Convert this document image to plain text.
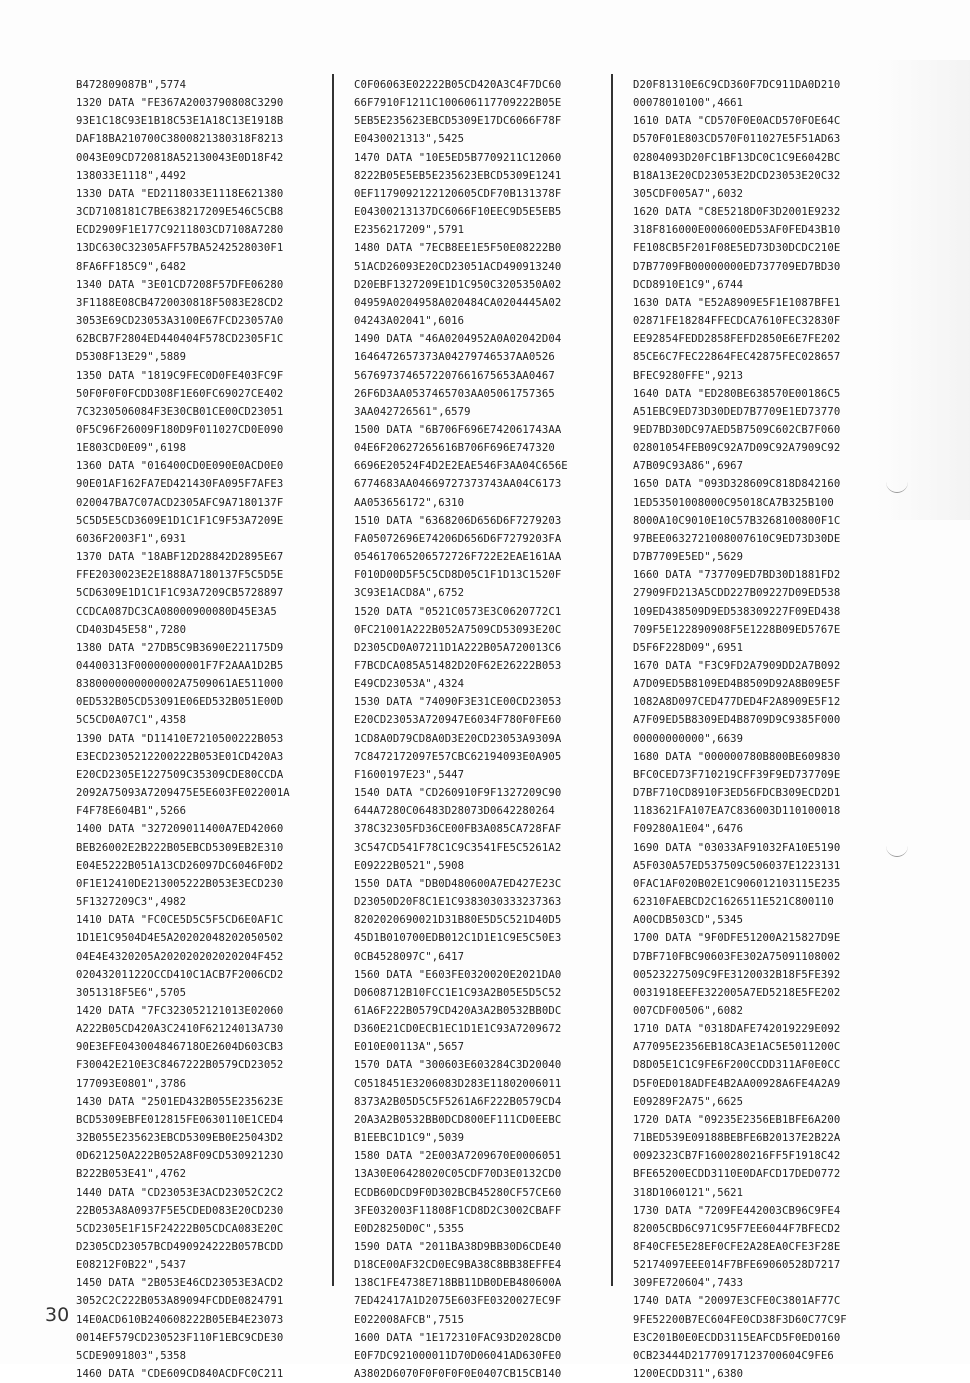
B472809087B",5774
1320 DATA "FE367A2003790808C3290
93E1C18C93E1B18C53E1A18C13E1918B
DAF18BA210700C3800821380318F8213
0043E09CD720818A52130043E0D18F42
138033E1118",4492
1330 DATA "ED2118033E1118E621380
3CD7108181C7BE638217209E546C5CB8
ECD2909F1E177C9211803CD7108A7280
13DC630C32305AFF57BA5242528030F1
8FA6FF185C9",6482
1340 DATA "3E01CD7208F57DFE06280
3F1188E08CB4720030818F5083E28CD2
3053E69CD23053A3100E67FCD23057A0
62BCB7F2804ED440404F578CD2305F1C
D5308F13E29",5889
1350 DATA "1819C9FEC0D0FE403FC9F
50F0F0F0FCDD308F1E60FC69027CE402
7C3230506084F3E30CB01CE00CD23051
0F5C96F26009F180D9F011027CD0E090
1E803CD0E09",6198
1360 DATA "016400CD0E090E0ACD0E0
90E01AF162FA7ED421430FA095F7AFE3
020047BA7C07ACD2305AFC9A7180137F
5C5D5E5CD3609E1D1C1F1C9F53A7209E
6036F2003F1",6931
1370 DATA "18ABF12D28842D2895E67
FFE2030023E2E1888A7180137F5C5D5E
5CD6309E1D1C1F1C93A7209CB5728897
CCDCA087DC3CA08000900080D45E3A5
CD403D45E58",7280
1380 DATA "27DB5C9B3690E221175D9
04400313F00000000001F7F2AAA1D2B5
8380000000000002A7509061AE511000
0ED532B05CD53091E06ED532B051E00D
5C5CD0A07C1",4358
1390 DATA "D11410E7210500222B053
E3ECD2305212200222B053E01CD420A3
E20CD2305E1227509C35309CDE80CCDA
2092A75093A7209475E5E603FE022001A
F4F78E604B1",5266
1400 DATA "327209011400A7ED42060
BEB26002E2B222B05EBCD5309EB2E310
E04E5222B051A13CD26097DC6046F0D2
0F1E12410DE213005222B053E3ECD230
5F1327209C3",4982
1410 DATA "FC0CE5D5C5F5CD6E0AF1C
1D1E1C9504D4E5A20202048202050502
04E4E4320205A202020202020204F452
02043201122OCCD410C1ACB7F2006CD2
3051318F5E6",5705
1420 DATA "7FC323052121013E02060
A222B05CD420A3C2410F62124013A730
90E3EFE043004846718OE2604D603CB3
F30042E210E3C8467222B0579CD23052
177093E0801",3786
1430 DATA "2501ED432B055E235623E
BCD5309EBFE012815FE0630110E1CED4
32B055E235623EBCD5309EB0E25043D2
0D621250A222B052A8F09CD53092123O
B222B053E41",4762
1440 DATA "CD23053E3ACD23052C2C2
22B053A8A0937F5E5CDED083E20CD230
5CD2305E1F15F24222B05CDCA083E20C
D2305CD23057BCD490924222B057BCDD
E08212F0B22",5437
1450 DATA "2B053E46CD23053E3ACD2
3052C2C222B053A89094FCDDE0824791
14E0ACD610B240608222B05EB4E23073
0014EF579CD230523F110F1EBC9CDE30
5CDE9091803",5358
1460 DATA "CDE609CD840ACDFC0C211
C0F06063E02222B05CD420A3C4F7DC60
66F7910F1211C100606117709222B05E
5EB5E235623EBCD5309E17DC6066F78F
E0430021313",5425
1470 DATA "10E5ED5B7709211C12060
8222B05E5EB5E235623EBCD5309E1241
0EF1179092122120605CDF70B131378F
E04300213137DC6066F10EEC9D5E5EB5
E2356217209",5791
1480 DATA "7ECB8EE1E5F50E08222B0
51ACD26093E20CD23051ACD490913240
D20EBF1327209E1D1C950C3205350A02
04959A0204958A020484CA0204445A02
04243A02041",6016
1490 DATA "46A0204952A0A02042D04
1646472657373A04279746537AA0526
5676973746572207661675653AA0467
26F6D3AA0537465703AA05061757365
3AA042726561",6579
1500 DATA "6B706F696E742061743AA
04E6F20627265616B706F696E747320
6696E20524F4D2E2EAE546F3AA04C656E
6774683AA04669727373743AA04C6173
AA053656172",6310
1510 DATA "6368206D656D6F7279203
FA05072696E74206D656D6F7279203FA
054617065206572726F722E2EAE161AA
F010D00D5F5C5CD8D05C1F1D13C1520F
3C93E1ACD8A",6752
1520 DATA "0521C0573E3C0620772C1
0FC21001A222B052A7509CD53093E20C
D2305CD0A07211D1A222B05A720013C6
F7BCDCA085A51482D20F62E26222B053
E49CD23053A",4324
1530 DATA "74090F3E31CE00CD23053
E20CD23053A720947E6034F780F0FE60
1CD8A0D79CD8A0D3E20CD23053A9309A
7C8472172097E57CBC62194093E0A905
F1600197E23",5447
1540 DATA "CD260910F9F1327209C90
644A7280C06483D28073D0642280264
378C32305FD36CE00FB3A085CA728FAF
3C547CD541F78C1C9C3541FE5C5261A2
E09222B0521",5908
1550 DATA "DB0D480600A7ED427E23C
D23050D20F8C1E1C9383030333237363
8202020690021D31B80E5D5C521D40D5
45D1B010700EDB012C1D1E1C9E5C50E3
0CB4528097C",6417
1560 DATA "E603FE0320020E2021DA0
D0608712B10FCC1E1C93A2B05E5D5C52
61A6F222B0579CD420A3A2B0532BB0DC
D360E21CD0ECB1EC1D1E1C93A7209672
E010E00113A",5657
1570 DATA "300603E603284C3D20040
C0518451E3206083D283E11802006011
8373A2B05D5C5F5261A6F222B0579CD4
20A3A2B0532BB0DCD800EF111CD0EEBC
B1EEBC1D1C9",5039
1580 DATA "2E003A7209670E0006051
13A30E06428020C05CDF70D3E0132CD0
ECDB60DCD9F0D302BCB45280CF57CE60
3FE032003F11808F1CD8D2C3002CBAFF
E0D28250D0C",5355
1590 DATA "2011BA38D9BB30D6CDE40
D18CE00AF32CD0EC9BA38C8BB38EFFE4
138C1FE4738E718BB11DB0DEB480600A
7ED42417A1D2075E603FE0320027EC9F
E022008AFCB",7515
1600 DATA "1E172310FAC93D2028CD0
E0F7DC921000011D70D06041AD630FE0
A3802D6070F0F0F0F0E0407CB15CB140
D20F81310E6C9CD360F7DC911DA0D210
00078010100",4661
1610 DATA "CD570F0E0ACD570FOE64C
D570F01E803CD570F011027E5F51AD63
02804093D20FC1BF13DC0C1C9E6042BC
B18A13E20CD23053E2DCD23053E20C32
305CDF005A7",6032
1620 DATA "C8E5218D0F3D2001E9232
318F816000E000600ED53AF0FED43B10
FE108CB5F201F08E5ED73D30DCDC210E
D7B7709FB00000000ED737709ED7BD30
DCD8910E1C9",6744
1630 DATA "E52A8909E5F1E1087BFE1
02871FE18284FFECDCA7610FEC32830F
EE92854FEDD2858FEFD2850E6E7FE202
85CE6C7FEC22864FEC42875FEC028657
BFEC9280FFE",9213
1640 DATA "ED280BE638570E00186C5
A51EBC9ED73D30DED7B7709E1ED73770
9ED7BD30DC97AED5B7509C602CB7F060
02801054FEB09C92A7D09C92A7909C92
A7B09C93A86",6967
1650 DATA "093D328609C818D842160
1ED53501008000C95018CA7B325B100
8000A10C9010E10C57B3268100800F1C
97BEE0632721008007610C9ED73D30DE
D7B7709E5ED",5629
1660 DATA "737709ED7BD30D1881FD2
27909FD213A5CDD227B09227D09ED538
109ED438509D9ED538309227F09ED438
709F5E122890908F5E1228B09ED5767E
D5F6F228D09",6951
1670 DATA "F3C9FD2A7909DD2A7B092
A7D09ED5B8109ED4B8509D92A8B09E5F
1082A8D097CED477DED4F2A8909E5F12
A7F09ED5B8309ED4B8709D9C9385F000
00000000000",6639
1680 DATA "000000780B800BE609830
BFC0CED73F710219CFF39F9ED737709E
D7BF710CD8910F3ED56FDCB309ECD2D1
1183621FA107EA7C836003D110100018
F09280A1E04",6476
1690 DATA "03033AF91032FA10E5190
A5F030A57ED537509C506037E1223131
0FAC1AF020B02E1C906012103115E235
62310FAEBCD2C1626511E521C800110
A00CDB503CD",5345
1700 DATA "9F0DFE51200A215827D9E
D7BF710FBC90603FE302A75091108002
00523227509C9FE3120032B18F5FE392
0031918EEFE322005A7ED5218E5FE202
007CDF00506",6082
1710 DATA "0318DAFE742019229E092
A77095E2356EB18CA3E1AC5E5011200C
D8D05E1C1C9FE6F200CCDD311AF0E0CC
D5F0ED018ADFE4B2AA00928A6FE4A2A9
E09289F2A75",6625
1720 DATA "09235E2356EB1BFE6A200
71BED539E09188BEBFE6B20137E2B22A
0092323CB7F1600280216FF5F1918C42
BFE65200ECDD3110E0DAFCD17DED0772
318D1060121",5621
1730 DATA "7209FE442003CB96C9FE4
82005CBD6C971C95F7EE6044F7BFECD2
8F40CFE5E28EF0CFE2A28EA0CFE3F28E
52174097EEE014F7BFE69060528D7217
309FE720604",7433
1740 DATA "20097E3CFE0C3801AF77C
9FE52200B7EC604FE0CD38F3D60C77C9F
E3C201B0E0ECDD3115EAFCD5F0ED0160
0CB23444D21770917123700604C9FE6
1200ECDD311",6380
30
